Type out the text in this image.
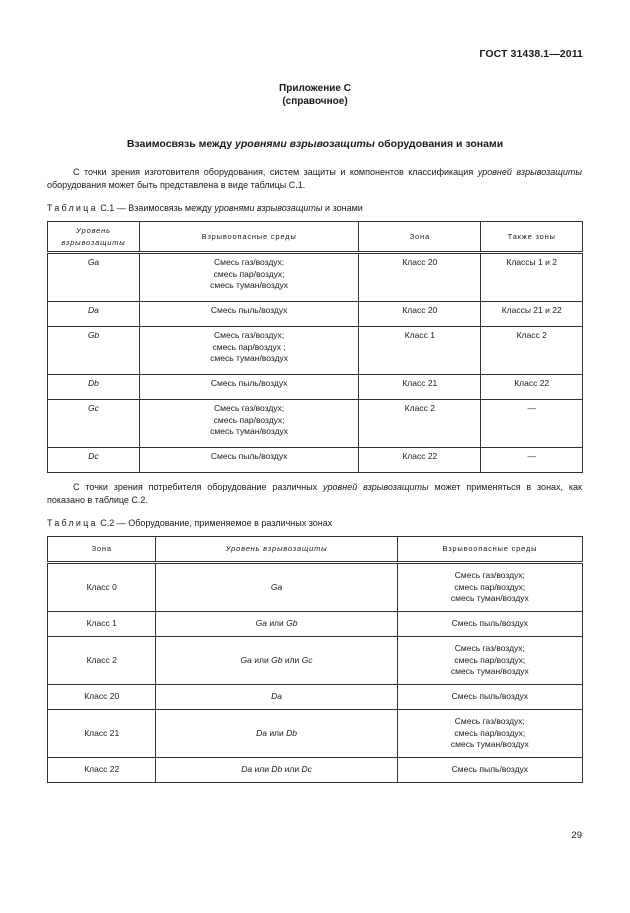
ГОСТ 31438.1—2011
Приложение С
(справочное)
Взаимосвязь между уровнями взрывозащиты оборудования и зонами
С точки зрения изготовителя оборудования, систем защиты и компонентов классификация уровней взрывозащиты оборудования может быть представлена в виде таблицы С.1.
Таблица С.1 — Взаимосвязь между уровнями взрывозащиты и зонами
Уровень взрывозащиты	Взрывоопасные среды	Зона	Также зоны
Ga	Смесь газ/воздух;
смесь пар/воздух;
смесь туман/воздух	Класс 20	Классы 1 и 2
Da	Смесь пыль/воздух	Класс 20	Классы 21 и 22
Gb	Смесь газ/воздух;
смесь пар/воздух ;
смесь туман/воздух	Класс 1	Класс 2
Db	Смесь пыль/воздух	Класс 21	Класс 22
Gc	Смесь газ/воздух;
смесь пар/воздух;
смесь туман/воздух	Класс 2	—
Dc	Смесь пыль/воздух	Класс 22	—
С точки зрения потребителя оборудование различных уровней взрывозащиты может применяться в зонах, как показано в таблице С.2.
Таблица С.2 — Оборудование, применяемое в различных зонах
Зона	Уровень взрывозащиты	Взрывоопасные среды
Класс 0	Ga	Смесь газ/воздух;
смесь пар/воздух;
смесь туман/воздух

Класс 1	Ga или Gb	Смесь пыль/воздух

Класс 2	Ga или Gb или Gc	Смесь газ/воздух;
смесь пар/воздух;
смесь туман/воздух

Класс 20	Da	Смесь пыль/воздух

Класс 21	Da или Db	Смесь газ/воздух;
смесь пар/воздух;
смесь туман/воздух

Класс 22	Da или Db или Dc	Смесь пыль/воздух
29
